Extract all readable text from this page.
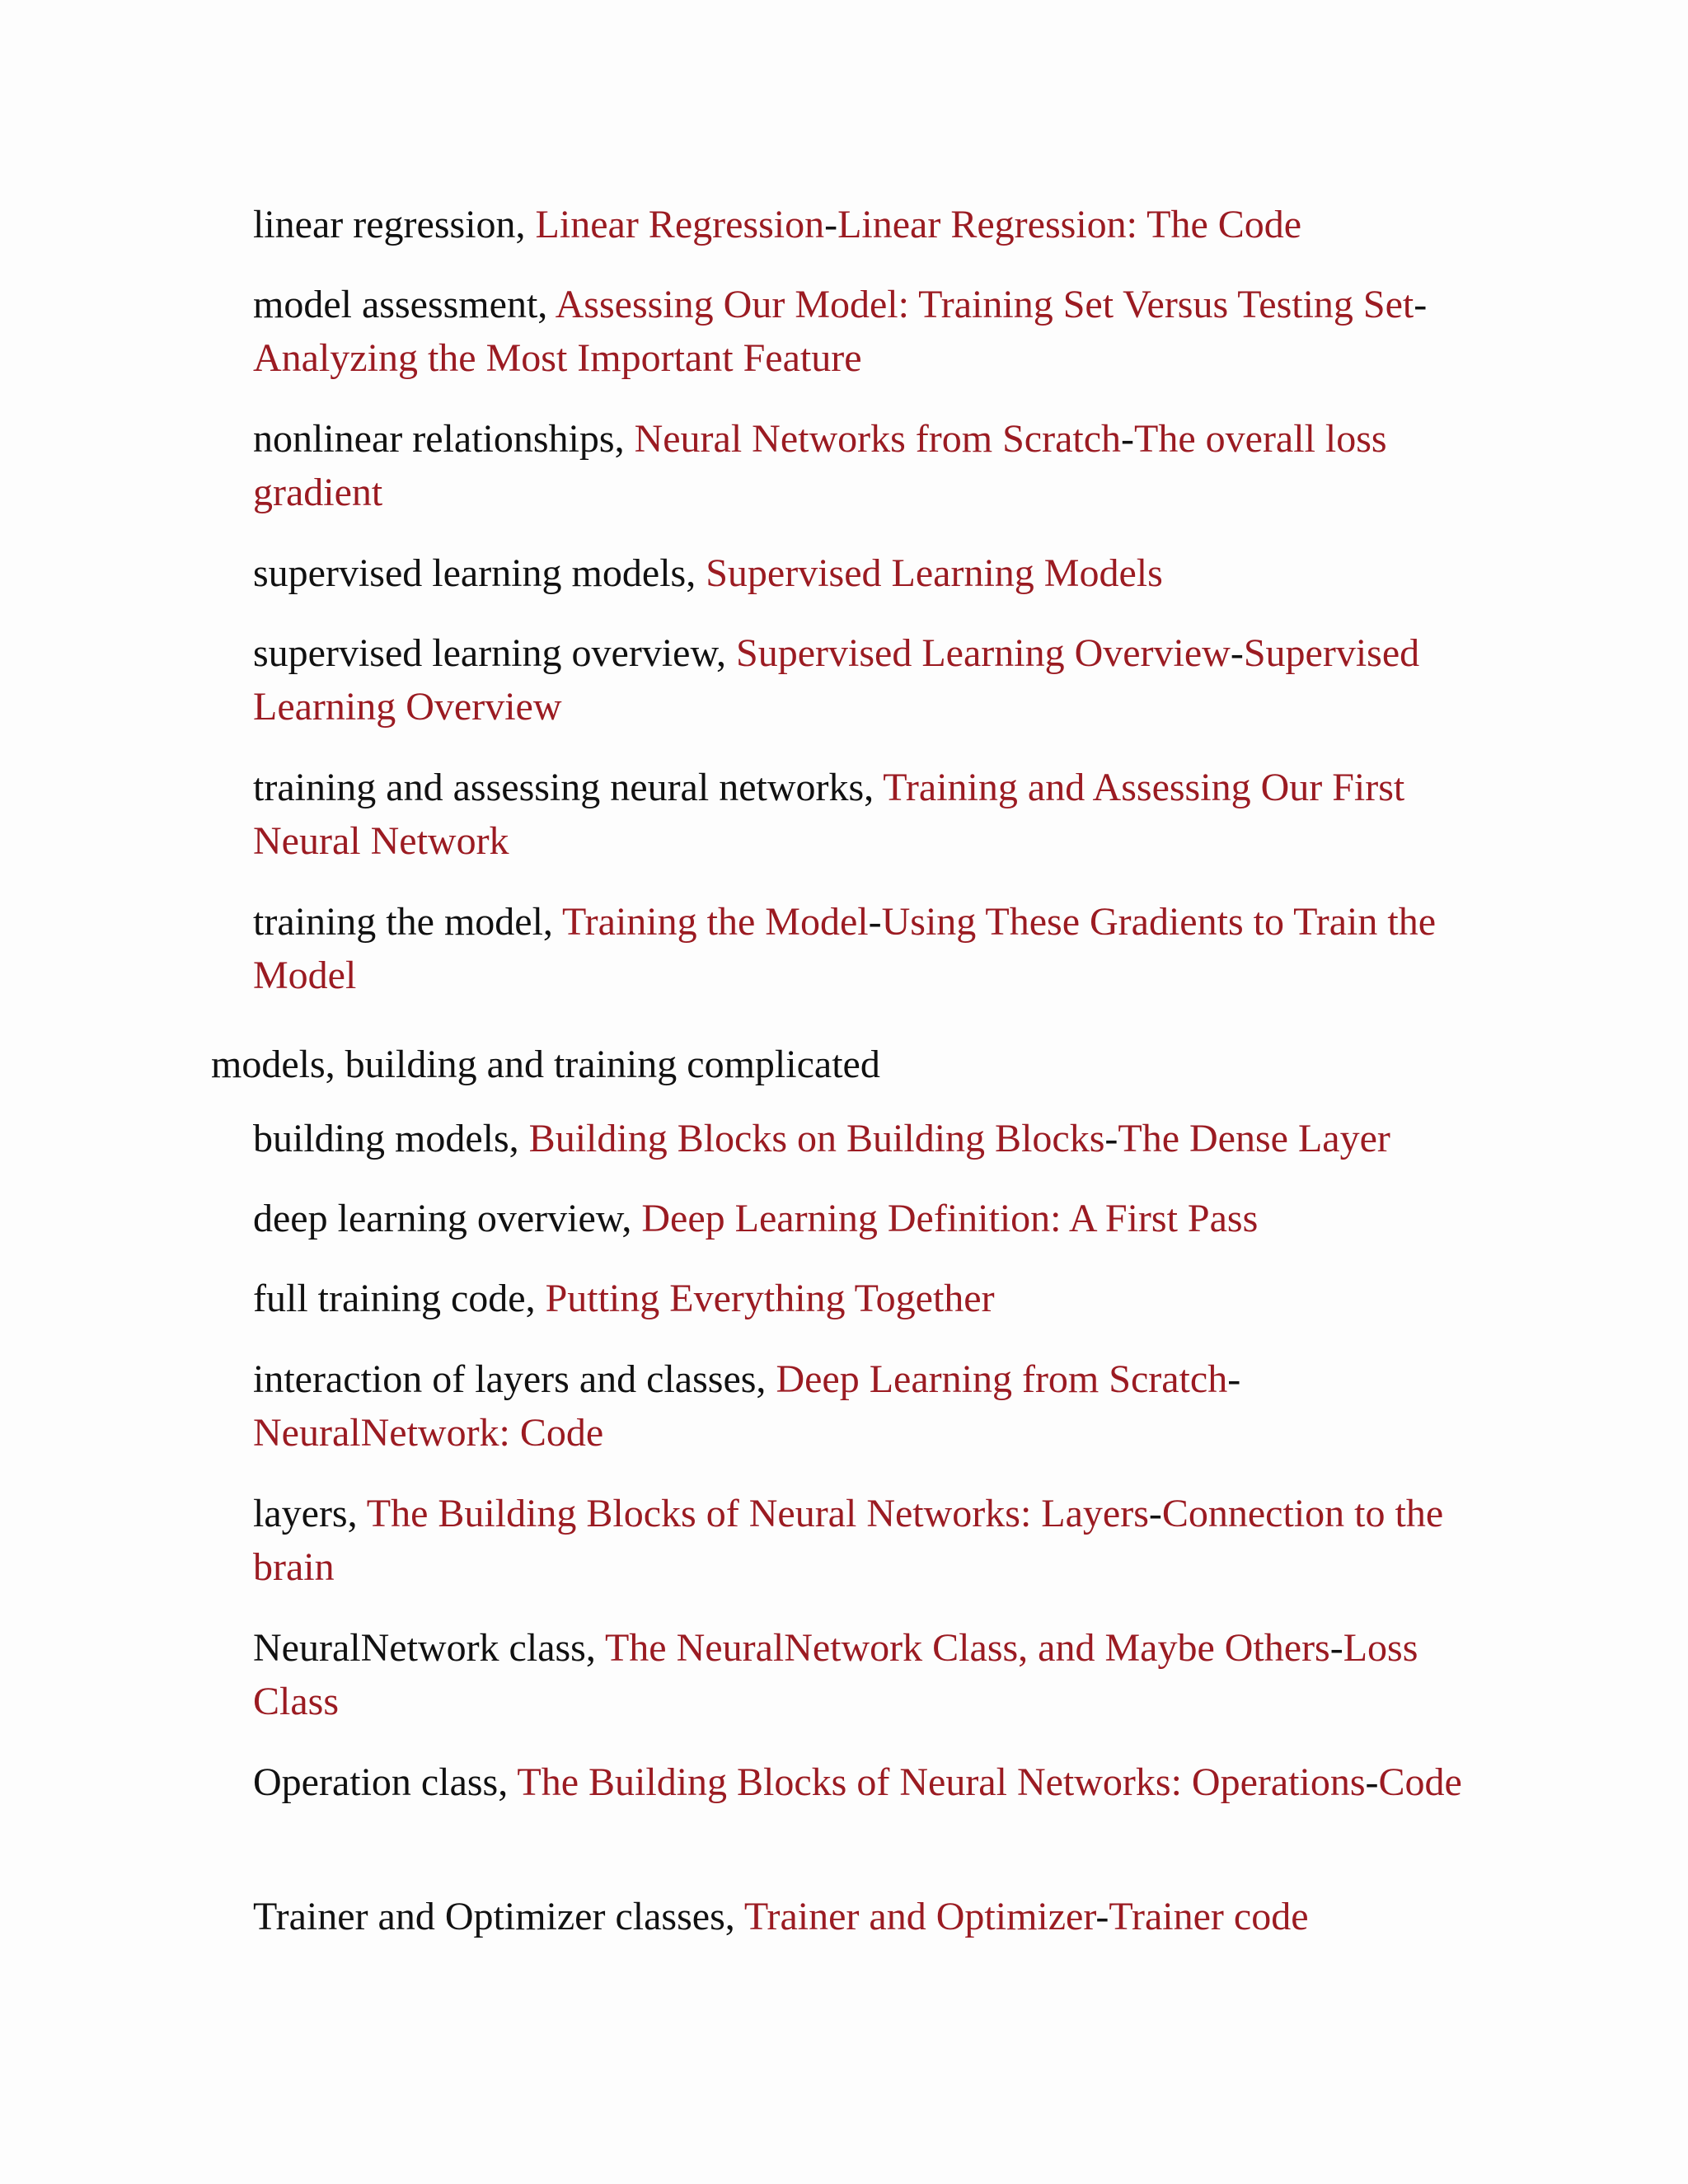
linear regression, Linear Regression-Linear Regression: The Code

model assessment, Assessing Our Model: Training Set Versus Testing Set-Analyzing the Most Important Feature

nonlinear relationships, Neural Networks from Scratch-The overall loss gradient

supervised learning models, Supervised Learning Models

supervised learning overview, Supervised Learning Overview-Supervised Learning Overview

training and assessing neural networks, Training and Assessing Our First Neural Network

training the model, Training the Model-Using These Gradients to Train the Model

models, building and training complicated

building models, Building Blocks on Building Blocks-The Dense Layer

deep learning overview, Deep Learning Definition: A First Pass

full training code, Putting Everything Together

interaction of layers and classes, Deep Learning from Scratch-NeuralNetwork: Code

layers, The Building Blocks of Neural Networks: Layers-Connection to the brain

NeuralNetwork class, The NeuralNetwork Class, and Maybe Others-Loss Class

Operation class, The Building Blocks of Neural Networks: Operations-Code

Trainer and Optimizer classes, Trainer and Optimizer-Trainer code
